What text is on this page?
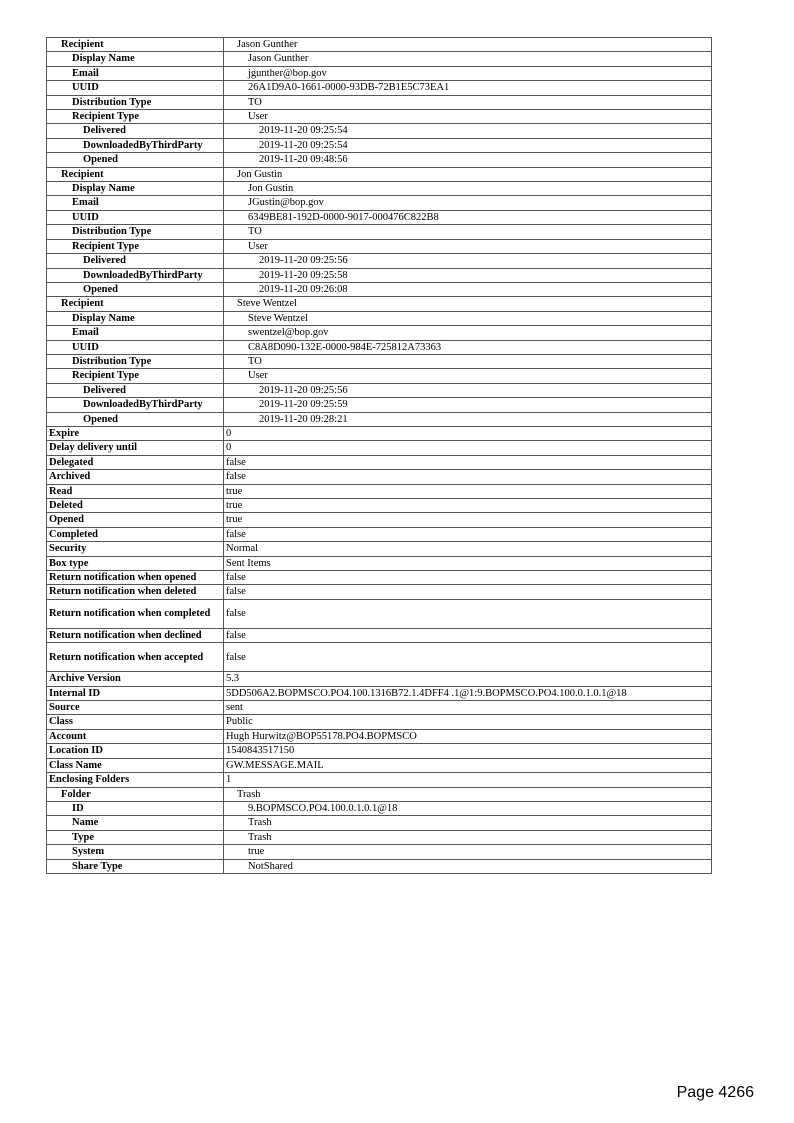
Recipient	Jason Gunther
Display Name	Jason Gunther
Email	jgunther@bop.gov
UUID	26A1D9A0-1661-0000-93DB-72B1E5C73EA1
Distribution Type	TO
Recipient Type	User
Delivered	2019-11-20 09:25:54
DownloadedByThirdParty	2019-11-20 09:25:54
Opened	2019-11-20 09:48:56
Recipient	Jon Gustin
Display Name	Jon Gustin
Email	JGustin@bop.gov
UUID	6349BE81-192D-0000-9017-000476C822B8
Distribution Type	TO
Recipient Type	User
Delivered	2019-11-20 09:25:56
DownloadedByThirdParty	2019-11-20 09:25:58
Opened	2019-11-20 09:26:08
Recipient	Steve Wentzel
Display Name	Steve Wentzel
Email	swentzel@bop.gov
UUID	C8A8D090-132E-0000-984E-725812A73363
Distribution Type	TO
Recipient Type	User
Delivered	2019-11-20 09:25:56
DownloadedByThirdParty	2019-11-20 09:25:59
Opened	2019-11-20 09:28:21
Expire	0
Delay delivery until	0
Delegated	false
Archived	false
Read	true
Deleted	true
Opened	true
Completed	false
Security	Normal
Box type	Sent Items
Return notification when opened	false
Return notification when deleted	false
Return notification when completed	false
Return notification when declined	false
Return notification when accepted	false
Archive Version	5.3
Internal ID	5DD506A2.BOPMSCO.PO4.100.1316B72.1.4DFF4 .1@1:9.BOPMSCO.PO4.100.0.1.0.1@18
Source	sent
Class	Public
Account	Hugh Hurwitz@BOP55178.PO4.BOPMSCO
Location ID	1540843517150
Class Name	GW.MESSAGE.MAIL
Enclosing Folders	1
Folder	Trash
ID	9.BOPMSCO.PO4.100.0.1.0.1@18
Name	Trash
Type	Trash
System	true
Share Type	NotShared
Page 4266
